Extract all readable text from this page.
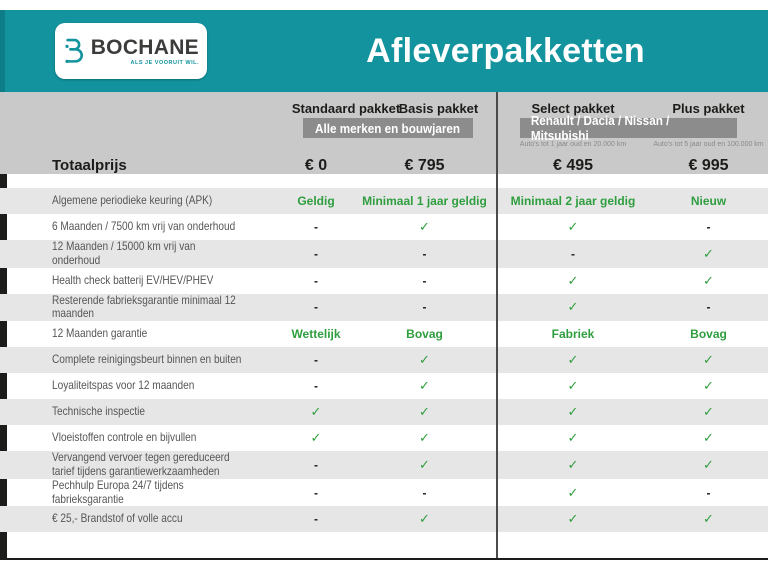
BOCHANE
ALS JE VOORUIT WIL.	Afleverpakketten
Standaard pakket
Basis pakket	Select pakket	Plus pakket
Alle merken en bouwjaren	Renault / Dacia / Nissan / Mitsubishi
Auto's tot 1 jaar oud en 20.000 km	Auto's tot 5 jaar oud en 100.000 km
Totaalprijs	€ 0	€ 795	€ 495	€ 995
Algemene periodieke keuring (APK)	Geldig	Minimaal 1 jaar geldig	Minimaal 2 jaar geldig	Nieuw
6 Maanden / 7500 km vrij van onderhoud	-	✓	✓	-
12 Maanden / 15000 km vrij van onderhoud	-	-	-	✓
Health check batterij EV/HEV/PHEV	-	-	✓	✓
Resterende fabrieksgarantie minimaal 12 maanden	-	-	✓	-
12 Maanden garantie	Wettelijk	Bovag	Fabriek	Bovag
Complete reinigingsbeurt binnen en buiten	-	✓	✓	✓
Loyaliteitspas voor 12 maanden	-	✓	✓	✓
Technische inspectie	✓	✓	✓	✓
Vloeistoffen controle en bijvullen	✓	✓	✓	✓
Vervangend vervoer tegen gereduceerd tarief tijdens garantiewerkzaamheden	-	✓	✓	✓
Pechhulp Europa 24/7 tijdens fabrieksgarantie	-	-	✓	-
€ 25,- Brandstof of volle accu	-	✓	✓	✓
